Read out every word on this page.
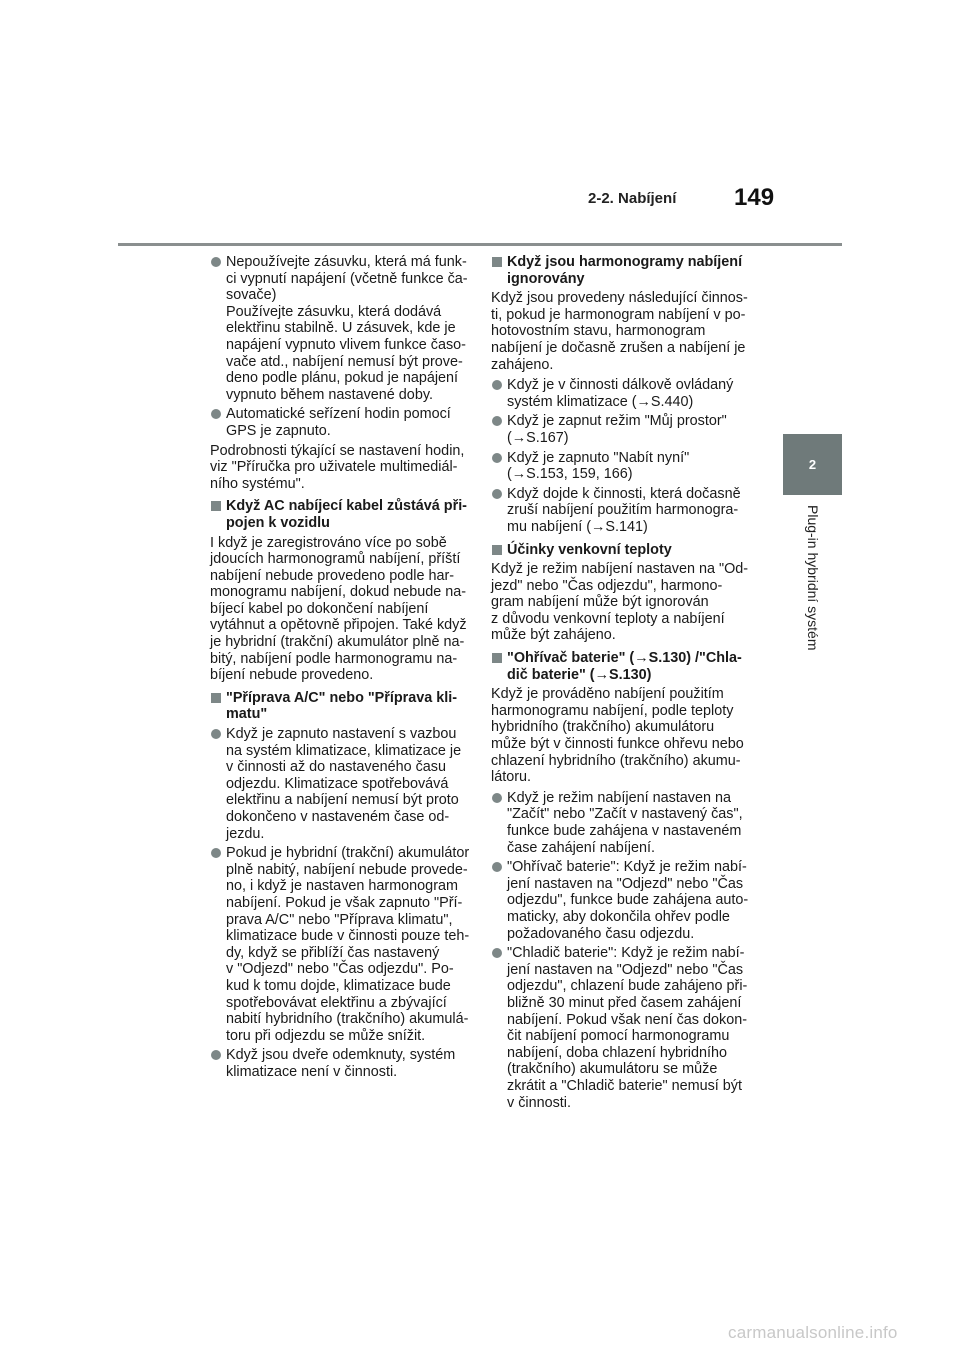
2-2. Nabíjení 149
2
Plug-in hybridní systém
Nepoužívejte zásuvku, která má funk-
ci vypnutí napájení (včetně funkce ča-
sovače)
Používejte zásuvku, která dodává
elektřinu stabilně. U zásuvek, kde je
napájení vypnuto vlivem funkce časo-
vače atd., nabíjení nemusí být prove-
deno podle plánu, pokud je napájení
vypnuto během nastavené doby.
Automatické seřízení hodin pomocí
GPS je zapnuto.
Podrobnosti týkající se nastavení hodin,
viz "Příručka pro uživatele multimediál-
ního systému".
Když AC nabíjecí kabel zůstává při-
pojen k vozidlu
I když je zaregistrováno více po sobě
jdoucích harmonogramů nabíjení, příští
nabíjení nebude provedeno podle har-
monogramu nabíjení, dokud nebude na-
bíjecí kabel po dokončení nabíjení
vytáhnut a opětovně připojen. Také když
je hybridní (trakční) akumulátor plně na-
bitý, nabíjení podle harmonogramu na-
bíjení nebude provedeno.
"Příprava A/C" nebo "Příprava kli-
matu"
Když je zapnuto nastavení s vazbou
na systém klimatizace, klimatizace je
v činnosti až do nastaveného času
odjezdu. Klimatizace spotřebovává
elektřinu a nabíjení nemusí být proto
dokončeno v nastaveném čase od-
jezdu.
Pokud je hybridní (trakční) akumulátor
plně nabitý, nabíjení nebude provede-
no, i když je nastaven harmonogram
nabíjení. Pokud je však zapnuto "Pří-
prava A/C" nebo "Příprava klimatu",
klimatizace bude v činnosti pouze teh-
dy, když se přiblíží čas nastavený
v "Odjezd" nebo "Čas odjezdu". Po-
kud k tomu dojde, klimatizace bude
spotřebovávat elektřinu a zbývající
nabití hybridního (trakčního) akumulá-
toru při odjezdu se může snížit.
Když jsou dveře odemknuty, systém
klimatizace není v činnosti.
Když jsou harmonogramy nabíjení
ignorovány
Když jsou provedeny následující činnos-
ti, pokud je harmonogram nabíjení v po-
hotovostním stavu, harmonogram
nabíjení je dočasně zrušen a nabíjení je
zahájeno.
Když je v činnosti dálkově ovládaný
systém klimatizace (→S.440)
Když je zapnut režim "Můj prostor"
(→S.167)
Když je zapnuto "Nabít nyní"
(→S.153, 159, 166)
Když dojde k činnosti, která dočasně
zruší nabíjení použitím harmonogra-
mu nabíjení (→S.141)
Účinky venkovní teploty
Když je režim nabíjení nastaven na "Od-
jezd" nebo "Čas odjezdu", harmono-
gram nabíjení může být ignorován
z důvodu venkovní teploty a nabíjení
může být zahájeno.
"Ohřívač baterie" (→S.130) /"Chla-
dič baterie" (→S.130)
Když je prováděno nabíjení použitím
harmonogramu nabíjení, podle teploty
hybridního (trakčního) akumulátoru
může být v činnosti funkce ohřevu nebo
chlazení hybridního (trakčního) akumu-
látoru.
Když je režim nabíjení nastaven na
"Začít" nebo "Začít v nastavený čas",
funkce bude zahájena v nastaveném
čase zahájení nabíjení.
"Ohřívač baterie": Když je režim nabí-
jení nastaven na "Odjezd" nebo "Čas
odjezdu", funkce bude zahájena auto-
maticky, aby dokončila ohřev podle
požadovaného času odjezdu.
"Chladič baterie": Když je režim nabí-
jení nastaven na "Odjezd" nebo "Čas
odjezdu", chlazení bude zahájeno při-
bližně 30 minut před časem zahájení
nabíjení. Pokud však není čas dokon-
čit nabíjení pomocí harmonogramu
nabíjení, doba chlazení hybridního
(trakčního) akumulátoru se může
zkrátit a "Chladič baterie" nemusí být
v činnosti.
carmanualsonline.info
